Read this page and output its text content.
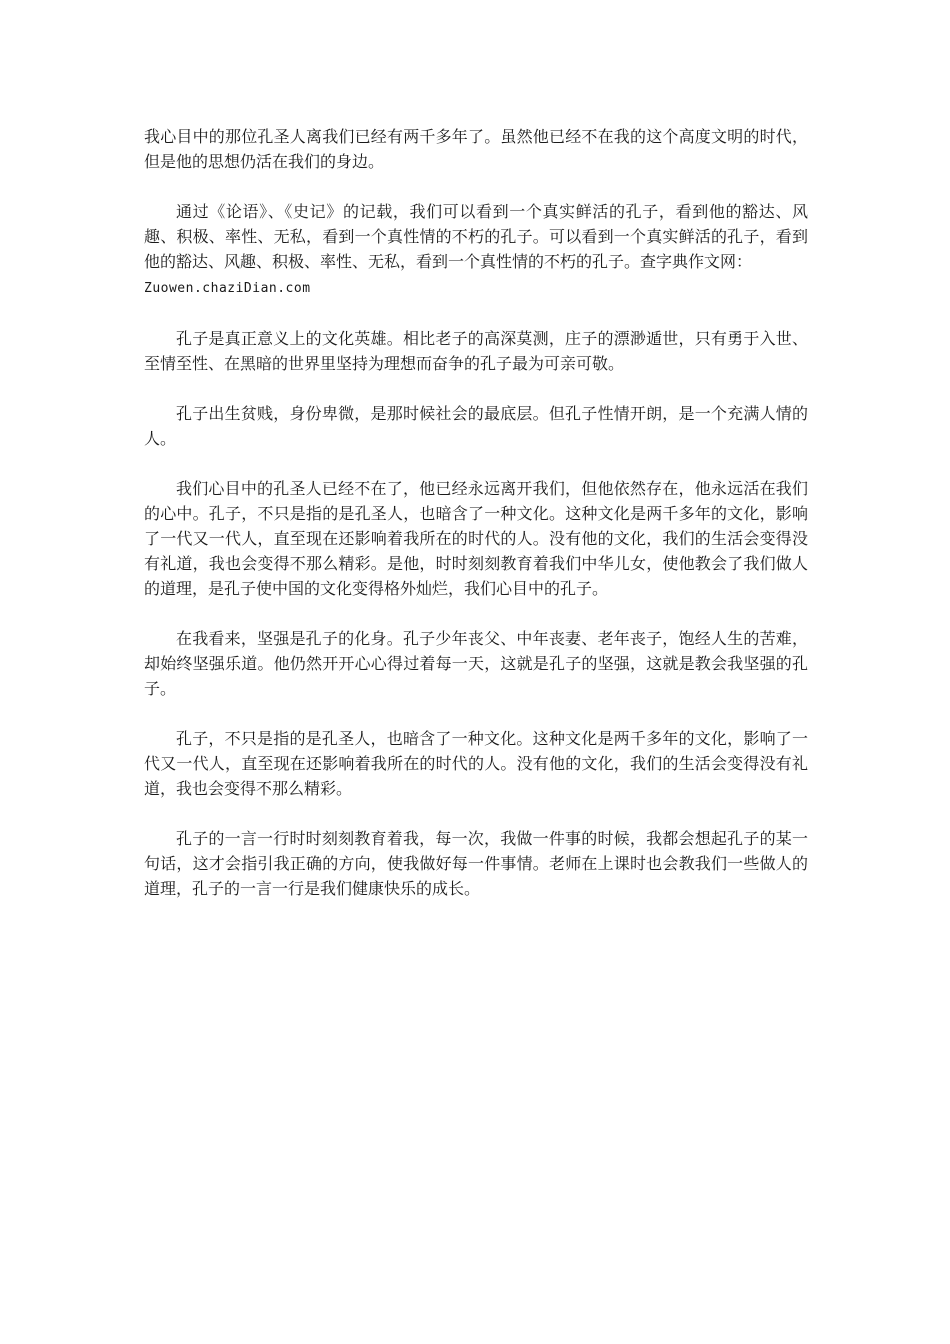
我心目中的那位孔圣人离我们已经有两千多年了。虽然他已经不在我的这个高度文明的时代，但是他的思想仍活在我们的身边。

通过《论语》、《史记》的记载，我们可以看到一个真实鲜活的孔子，看到他的豁达、风趣、积极、率性、无私，看到一个真性情的不朽的孔子。可以看到一个真实鲜活的孔子，看到他的豁达、风趣、积极、率性、无私，看到一个真性情的不朽的孔子。查字典作文网：
Zuowen.chaziDian.com

孔子是真正意义上的文化英雄。相比老子的高深莫测，庄子的漂渺遁世，只有勇于入世、至情至性、在黑暗的世界里坚持为理想而奋争的孔子最为可亲可敬。

孔子出生贫贱，身份卑微，是那时候社会的最底层。但孔子性情开朗，是一个充满人情的人。

我们心目中的孔圣人已经不在了，他已经永远离开我们，但他依然存在，他永远活在我们的心中。孔子，不只是指的是孔圣人，也暗含了一种文化。这种文化是两千多年的文化，影响了一代又一代人，直至现在还影响着我所在的时代的人。没有他的文化，我们的生活会变得没有礼道，我也会变得不那么精彩。是他，时时刻刻教育着我们中华儿女，使他教会了我们做人的道理，是孔子使中国的文化变得格外灿烂，我们心目中的孔子。

在我看来，坚强是孔子的化身。孔子少年丧父、中年丧妻、老年丧子，饱经人生的苦难，却始终坚强乐道。他仍然开开心心得过着每一天，这就是孔子的坚强，这就是教会我坚强的孔子。

孔子，不只是指的是孔圣人，也暗含了一种文化。这种文化是两千多年的文化，影响了一代又一代人，直至现在还影响着我所在的时代的人。没有他的文化，我们的生活会变得没有礼道，我也会变得不那么精彩。

孔子的一言一行时时刻刻教育着我，每一次，我做一件事的时候，我都会想起孔子的某一句话，这才会指引我正确的方向，使我做好每一件事情。老师在上课时也会教我们一些做人的道理，孔子的一言一行是我们健康快乐的成长。
